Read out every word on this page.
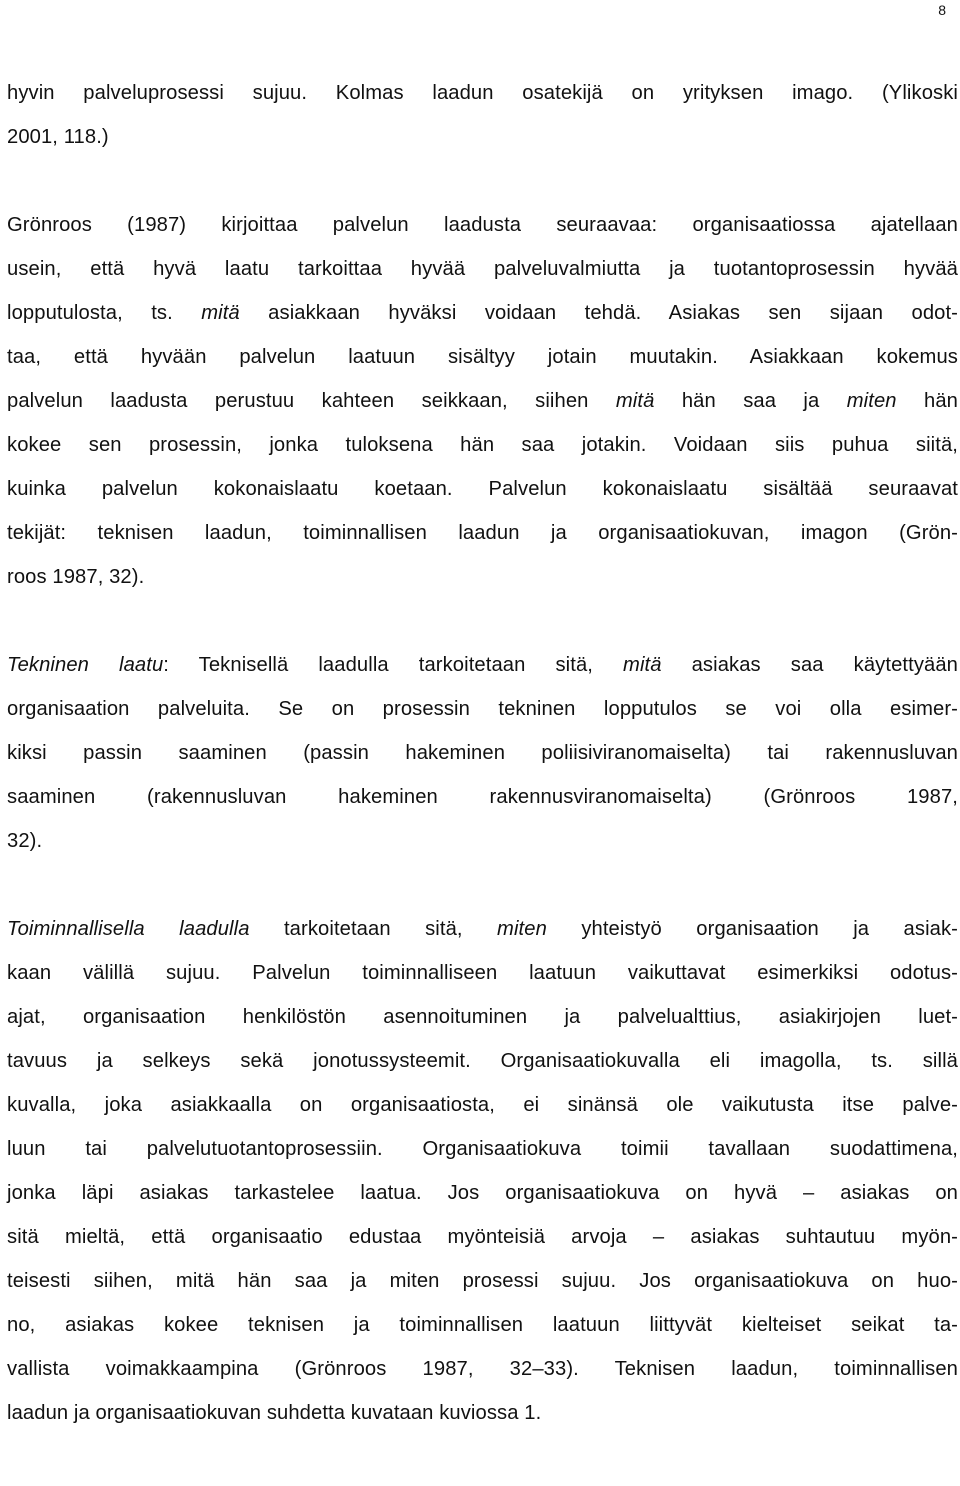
8

hyvin palveluprosessi sujuu. Kolmas laadun osatekijä on yrityksen imago. (Ylikoski
2001, 118.)

Grönroos (1987) kirjoittaa palvelun laadusta seuraavaa: organisaatiossa ajatellaan
usein, että hyvä laatu tarkoittaa hyvää palveluvalmiutta ja tuotantoprosessin hyvää
lopputulosta, ts. mitä asiakkaan hyväksi voidaan tehdä. Asiakas sen sijaan odot-
taa, että hyvään palvelun laatuun sisältyy jotain muutakin. Asiakkaan kokemus
palvelun laadusta perustuu kahteen seikkaan, siihen mitä hän saa ja miten hän
kokee sen prosessin, jonka tuloksena hän saa jotakin. Voidaan siis puhua siitä,
kuinka palvelun kokonaislaatu koetaan. Palvelun kokonaislaatu sisältää seuraavat
tekijät: teknisen laadun, toiminnallisen laadun ja organisaatiokuvan, imagon (Grön-
roos 1987, 32).

Tekninen laatu: Teknisellä laadulla tarkoitetaan sitä, mitä asiakas saa käytettyään
organisaation palveluita. Se on prosessin tekninen lopputulos se voi olla esimer-
kiksi passin saaminen (passin hakeminen poliisiviranomaiselta) tai rakennusluvan
saaminen (rakennusluvan hakeminen rakennusviranomaiselta) (Grönroos 1987,
32).

Toiminnallisella laadulla tarkoitetaan sitä, miten yhteistyö organisaation ja asiak-
kaan välillä sujuu. Palvelun toiminnalliseen laatuun vaikuttavat esimerkiksi odotus-
ajat, organisaation henkilöstön asennoituminen ja palvelualttius, asiakirjojen luet-
tavuus ja selkeys sekä jonotussysteemit. Organisaatiokuvalla eli imagolla, ts. sillä
kuvalla, joka asiakkaalla on organisaatiosta, ei sinänsä ole vaikutusta itse palve-
luun tai palvelutuotantoprosessiin. Organisaatiokuva toimii tavallaan suodattimena,
jonka läpi asiakas tarkastelee laatua. Jos organisaatiokuva on hyvä – asiakas on
sitä mieltä, että organisaatio edustaa myönteisiä arvoja – asiakas suhtautuu myön-
teisesti siihen, mitä hän saa ja miten prosessi sujuu. Jos organisaatiokuva on huo-
no, asiakas kokee teknisen ja toiminnallisen laatuun liittyvät kielteiset seikat ta-
vallista voimakkaampina (Grönroos 1987, 32–33). Teknisen laadun, toiminnallisen
laadun ja organisaatiokuvan suhdetta kuvataan kuviossa 1.
